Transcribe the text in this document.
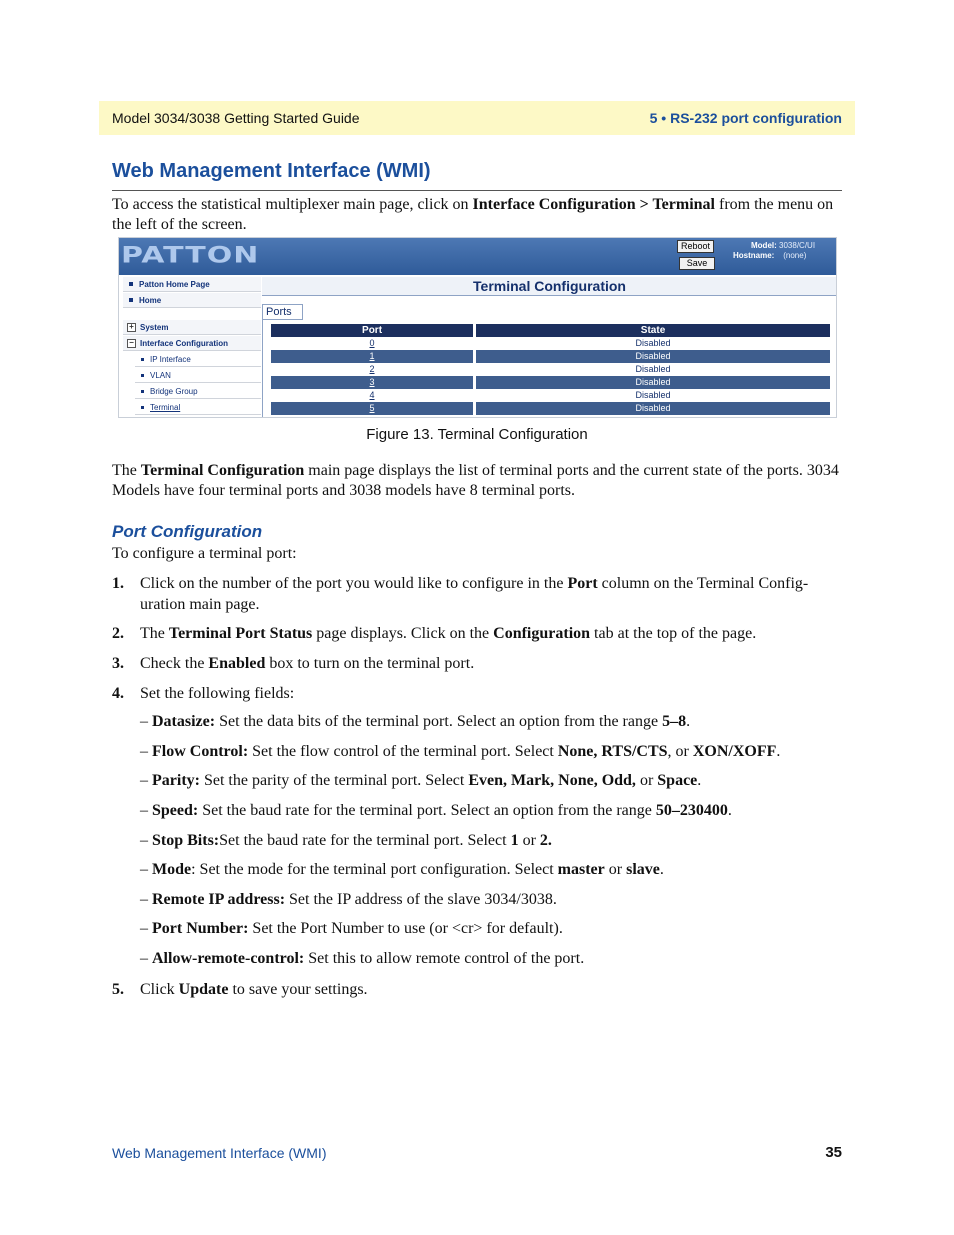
Model 3034/3038 Getting Started Guide	5 • RS-232 port configuration
Web Management Interface (WMI)

To access the statistical multiplexer main page, click on Interface Configuration > Terminal from the menu on the left of the screen.

PATTON	Reboot
Save
Model: 3038/C/UI
Hostname: (none)
Patton Home Page
Home
+ System
− Interface Configuration
IP Interface
VLAN
Bridge Group
Terminal
Terminal Configuration
Ports
Port	State
0	Disabled
1	Disabled
2	Disabled
3	Disabled
4	Disabled
5	Disabled
Figure 13. Terminal Configuration

The Terminal Configuration main page displays the list of terminal ports and the current state of the ports. 3034 Models have four terminal ports and 3038 models have 8 terminal ports.

Port Configuration

To configure a terminal port:

1. Click on the number of the port you would like to configure in the Port column on the Terminal Config-uration main page.
2. The Terminal Port Status page displays. Click on the Configuration tab at the top of the page.
3. Check the Enabled box to turn on the terminal port.
4. Set the following fields:
– Datasize: Set the data bits of the terminal port. Select an option from the range 5–8.
– Flow Control: Set the flow control of the terminal port. Select None, RTS/CTS, or XON/XOFF.
– Parity: Set the parity of the terminal port. Select Even, Mark, None, Odd, or Space.
– Speed: Set the baud rate for the terminal port. Select an option from the range 50–230400.
– Stop Bits:Set the baud rate for the terminal port. Select 1 or 2.
– Mode: Set the mode for the terminal port configuration. Select master or slave.
– Remote IP address: Set the IP address of the slave 3034/3038.
– Port Number: Set the Port Number to use (or <cr> for default).
– Allow-remote-control: Set this to allow remote control of the port.
5. Click Update to save your settings.
Web Management Interface (WMI)	35
